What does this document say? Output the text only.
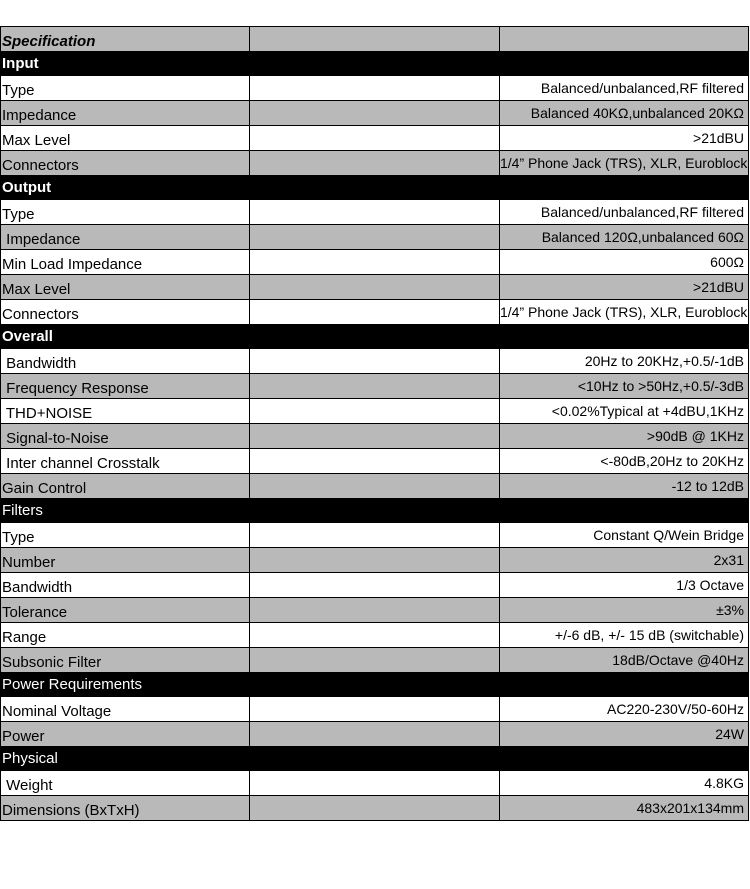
Specification		
Input		
Type		Balanced/unbalanced,RF filtered
Impedance		Balanced 40KΩ,unbalanced 20KΩ
Max Level		>21dBU
Connectors		1/4” Phone Jack (TRS), XLR, Euroblock
Output		
Type		Balanced/unbalanced,RF filtered
Impedance		Balanced 120Ω,unbalanced 60Ω
Min Load Impedance		600Ω
Max Level		>21dBU
Connectors		1/4” Phone Jack (TRS), XLR, Euroblock
Overall		
Bandwidth		20Hz to 20KHz,+0.5/-1dB
Frequency Response		<10Hz to >50Hz,+0.5/-3dB
THD+NOISE		<0.02%Typical at +4dBU,1KHz
Signal-to-Noise		>90dB @ 1KHz
Inter channel Crosstalk		<-80dB,20Hz to 20KHz
Gain Control		-12 to 12dB
Filters		
Type		Constant Q/Wein Bridge
Number		2x31
Bandwidth		1/3 Octave
Tolerance		±3%
Range		+/-6 dB, +/- 15 dB (switchable)
Subsonic Filter		18dB/Octave @40Hz
Power Requirements		
Nominal Voltage		AC220-230V/50-60Hz
Power		24W
Physical		
Weight		4.8KG
Dimensions (BxTxH)		483x201x134mm
